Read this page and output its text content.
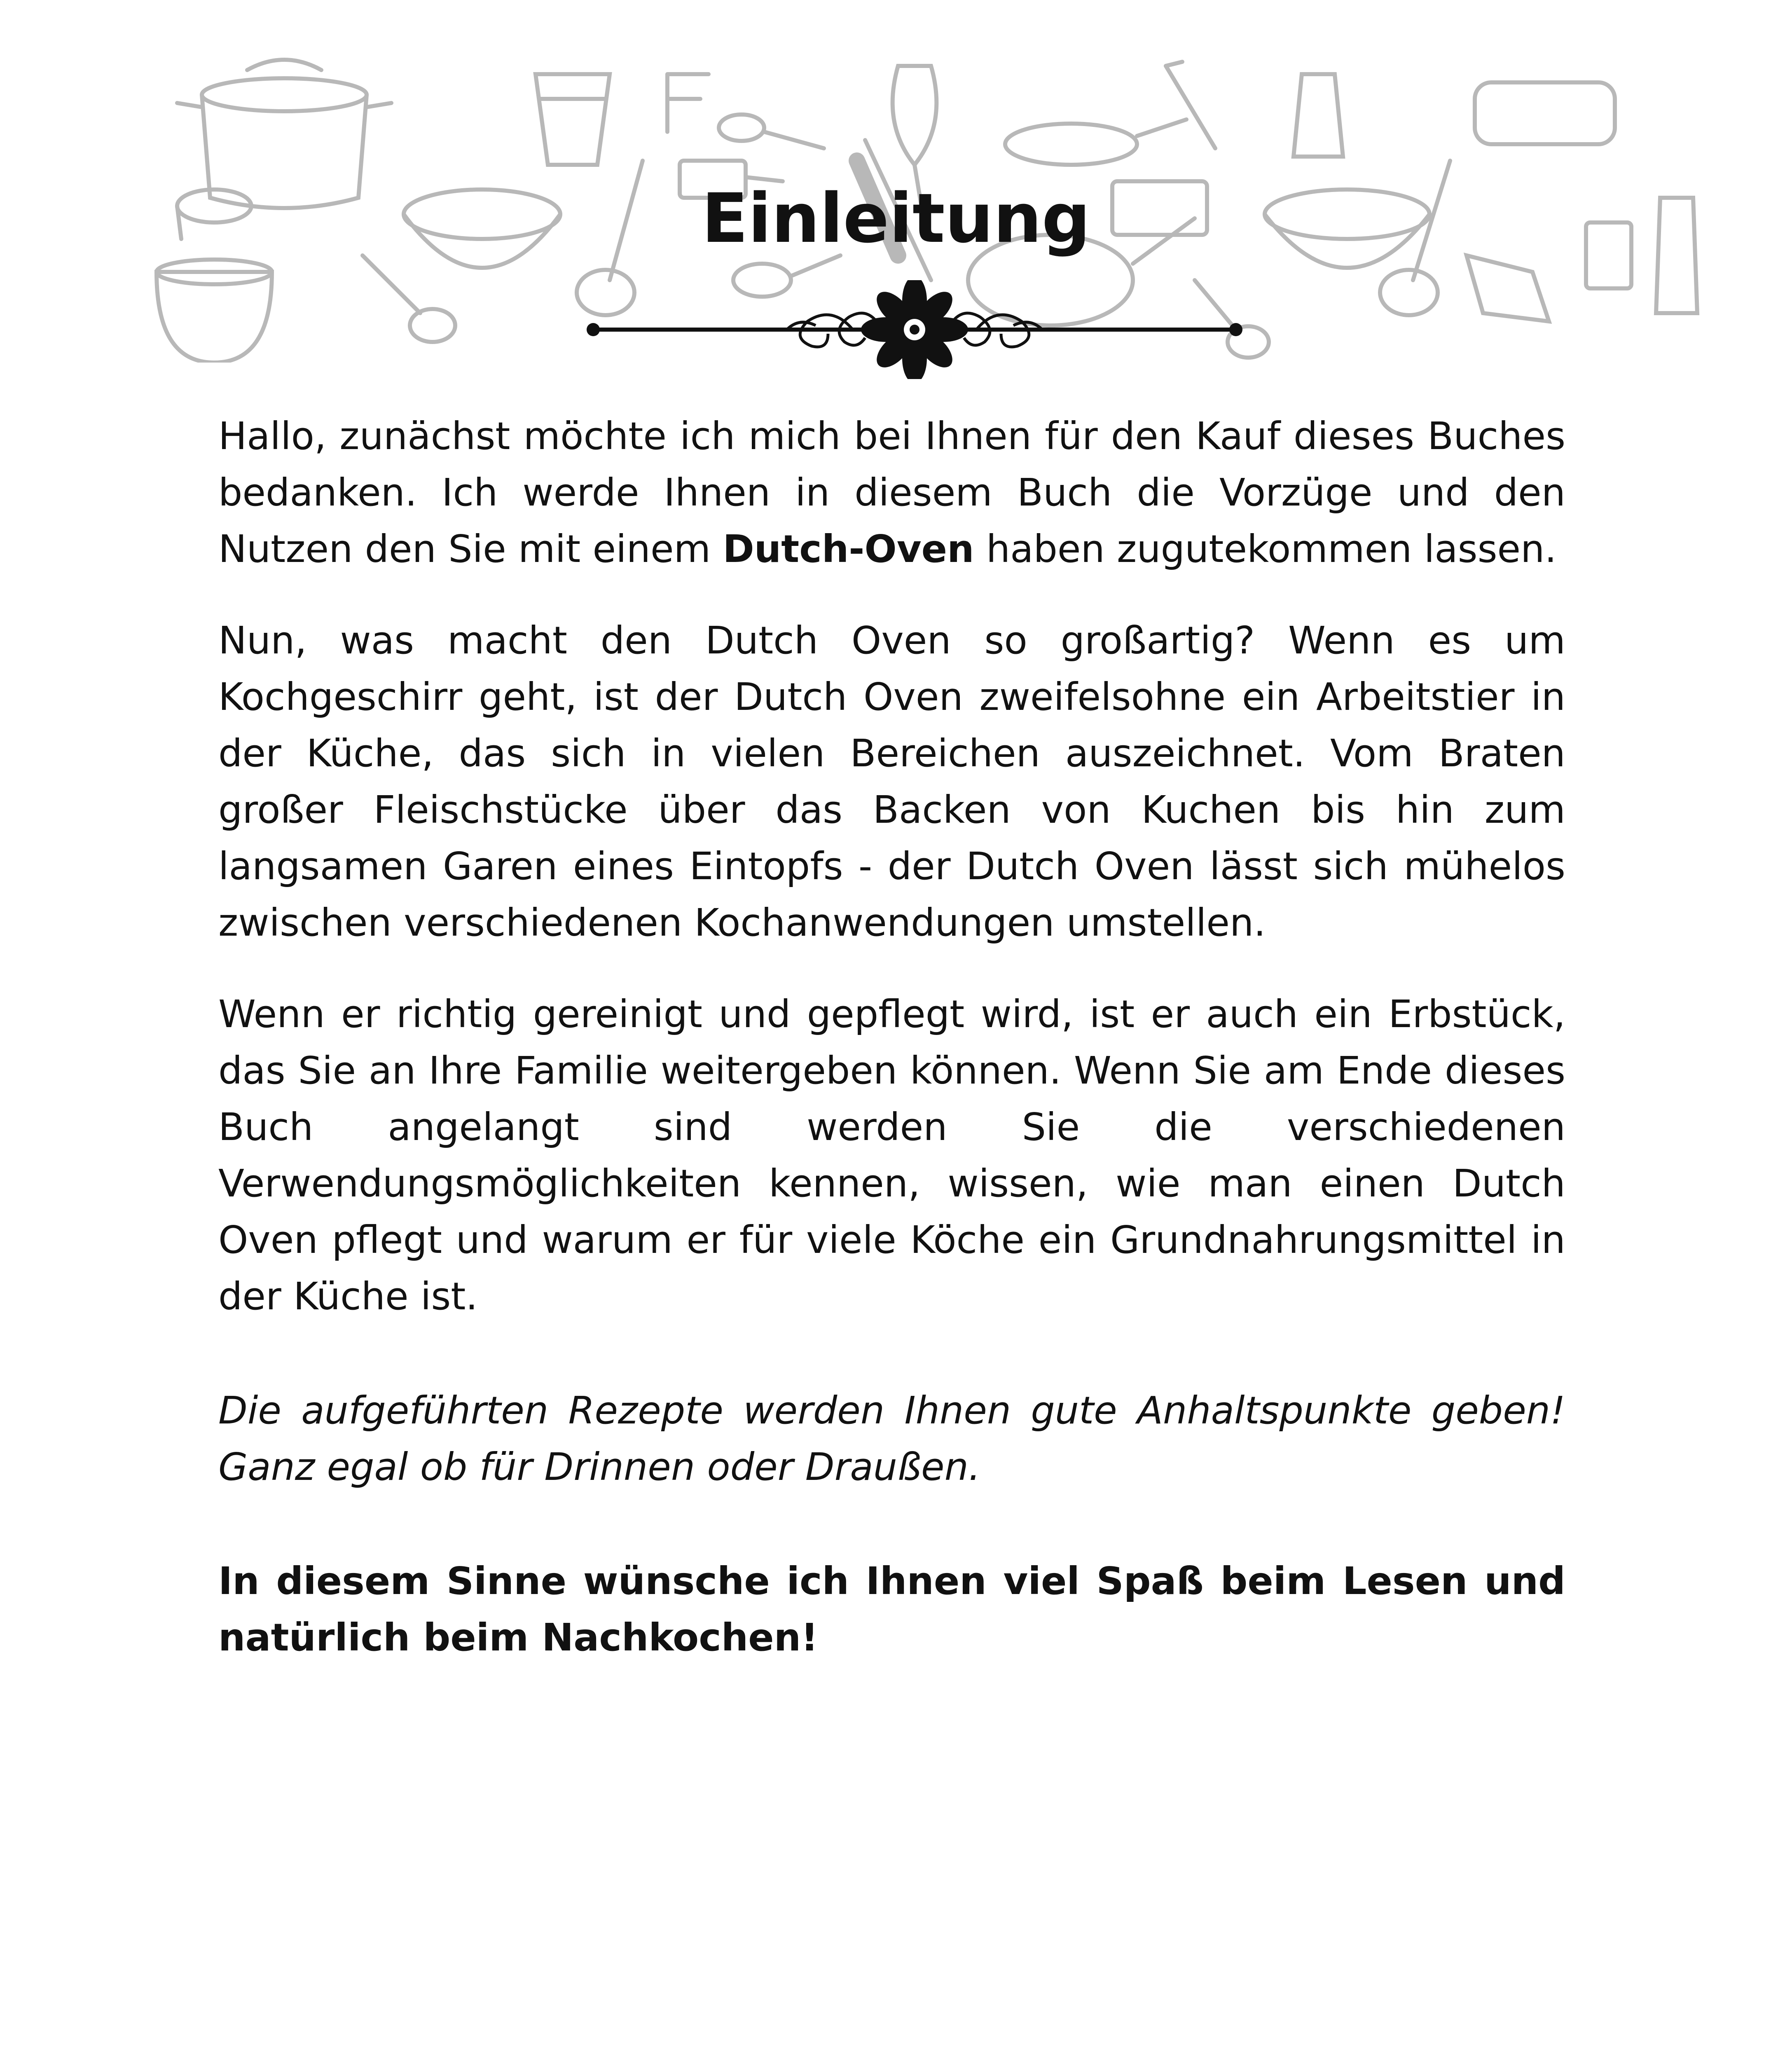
Einleitung

Hallo, zunächst möchte ich mich bei Ihnen für den Kauf dieses Buches bedanken. Ich werde Ihnen in diesem Buch die Vorzüge und den Nutzen den Sie mit einem Dutch-Oven haben zugutekommen lassen.

Nun, was macht den Dutch Oven so großartig? Wenn es um Kochgeschirr geht, ist der Dutch Oven zweifelsohne ein Arbeitstier in der Küche, das sich in vielen Bereichen auszeichnet. Vom Braten großer Fleischstücke über das Backen von Kuchen bis hin zum langsamen Garen eines Eintopfs - der Dutch Oven lässt sich mühelos zwischen verschiedenen Kochanwendungen umstellen.

Wenn er richtig gereinigt und gepflegt wird, ist er auch ein Erbstück, das Sie an Ihre Familie weitergeben können. Wenn Sie am Ende dieses Buch angelangt sind werden Sie die verschiedenen Verwendungsmöglichkeiten kennen, wissen, wie man einen Dutch Oven pflegt und warum er für viele Köche ein Grundnahrungsmittel in der Küche ist.

Die aufgeführten Rezepte werden Ihnen gute Anhaltspunkte geben! Ganz egal ob für Drinnen oder Draußen.

In diesem Sinne wünsche ich Ihnen viel Spaß beim Lesen und natürlich beim Nachkochen!
